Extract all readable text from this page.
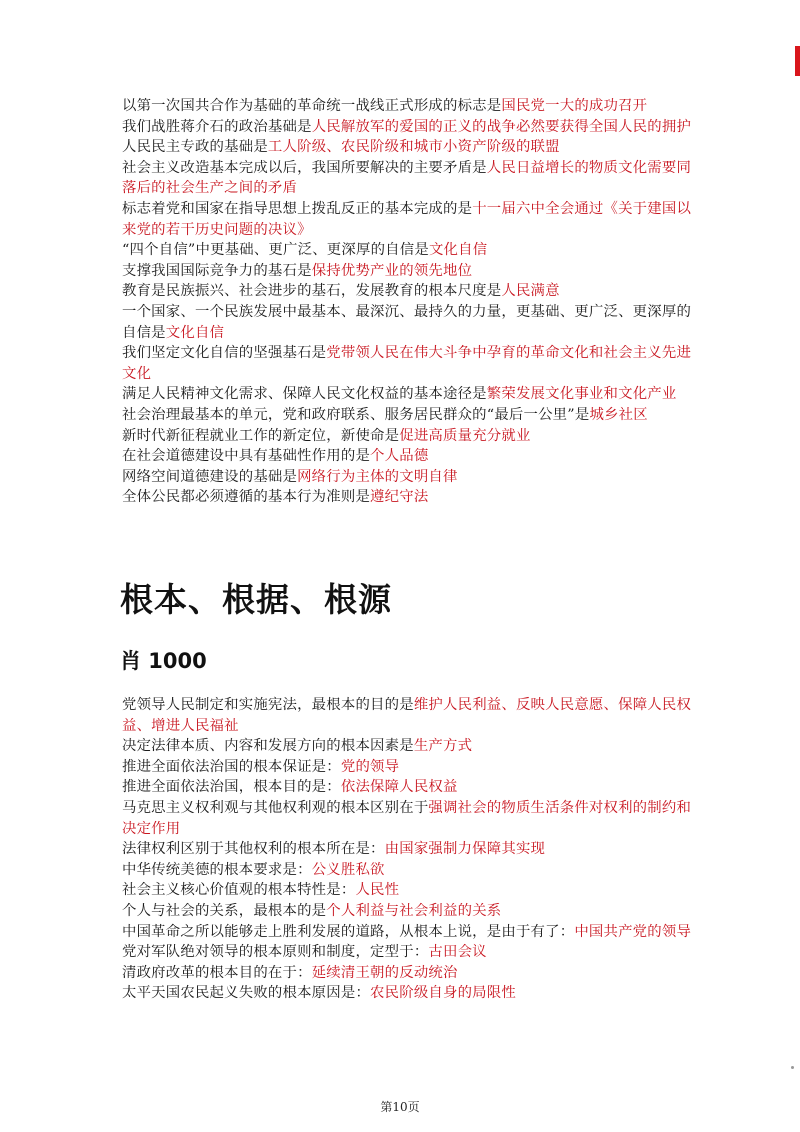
以第一次国共合作为基础的革命统一战线正式形成的标志是国民党一大的成功召开

我们战胜蒋介石的政治基础是人民解放军的爱国的正义的战争必然要获得全国人民的拥护

人民民主专政的基础是工人阶级、农民阶级和城市小资产阶级的联盟

社会主义改造基本完成以后，我国所要解决的主要矛盾是人民日益增长的物质文化需要同落后的社会生产之间的矛盾

标志着党和国家在指导思想上拨乱反正的基本完成的是十一届六中全会通过《关于建国以来党的若干历史问题的决议》

“四个自信”中更基础、更广泛、更深厚的自信是文化自信

支撑我国国际竞争力的基石是保持优势产业的领先地位

教育是民族振兴、社会进步的基石，发展教育的根本尺度是人民满意

一个国家、一个民族发展中最基本、最深沉、最持久的力量，更基础、更广泛、更深厚的自信是文化自信

我们坚定文化自信的坚强基石是党带领人民在伟大斗争中孕育的革命文化和社会主义先进文化

满足人民精神文化需求、保障人民文化权益的基本途径是繁荣发展文化事业和文化产业

社会治理最基本的单元，党和政府联系、服务居民群众的“最后一公里”是城乡社区

新时代新征程就业工作的新定位，新使命是促进高质量充分就业

在社会道德建设中具有基础性作用的是个人品德

网络空间道德建设的基础是网络行为主体的文明自律

全体公民都必须遵循的基本行为准则是遵纪守法

根本、根据、根源
肖 1000

党领导人民制定和实施宪法，最根本的目的是维护人民利益、反映人民意愿、保障人民权益、增进人民福祉

决定法律本质、内容和发展方向的根本因素是生产方式

推进全面依法治国的根本保证是：党的领导

推进全面依法治国，根本目的是：依法保障人民权益

马克思主义权利观与其他权利观的根本区别在于强调社会的物质生活条件对权利的制约和决定作用

法律权利区别于其他权利的根本所在是：由国家强制力保障其实现

中华传统美德的根本要求是：公义胜私欲

社会主义核心价值观的根本特性是：人民性

个人与社会的关系，最根本的是个人利益与社会利益的关系

中国革命之所以能够走上胜利发展的道路，从根本上说，是由于有了：中国共产党的领导

党对军队绝对领导的根本原则和制度，定型于：古田会议

清政府改革的根本目的在于：延续清王朝的反动统治

太平天国农民起义失败的根本原因是：农民阶级自身的局限性

第10页
